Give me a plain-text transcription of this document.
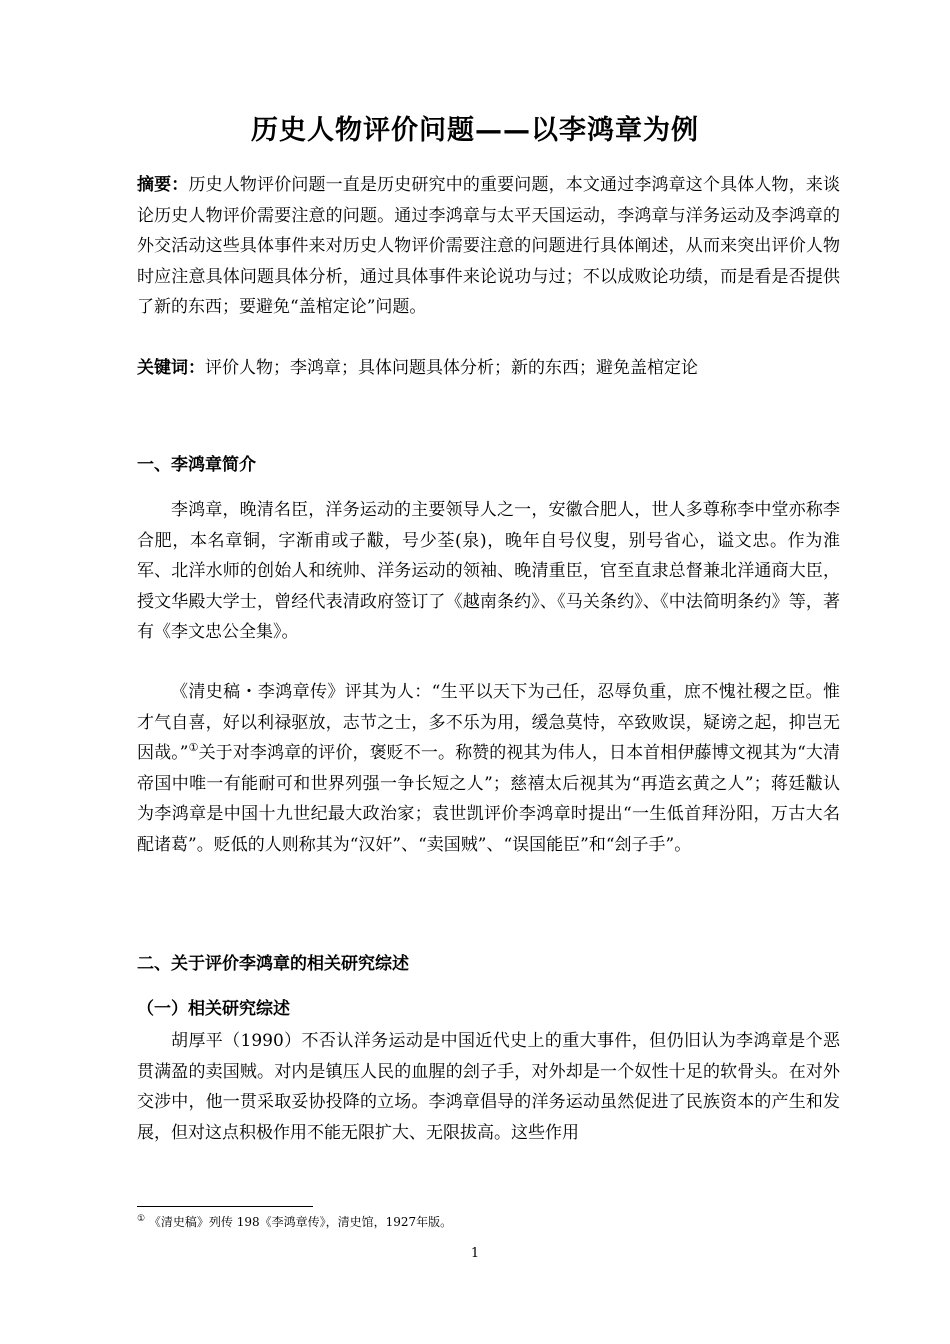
历史人物评价问题——以李鸿章为例

摘要：历史人物评价问题一直是历史研究中的重要问题，本文通过李鸿章这个具体人物，来谈论历史人物评价需要注意的问题。通过李鸿章与太平天国运动，李鸿章与洋务运动及李鸿章的外交活动这些具体事件来对历史人物评价需要注意的问题进行具体阐述，从而来突出评价人物时应注意具体问题具体分析，通过具体事件来论说功与过；不以成败论功绩，而是看是否提供了新的东西；要避免“盖棺定论”问题。

关键词：评价人物；李鸿章；具体问题具体分析；新的东西；避免盖棺定论

一、李鸿章简介

李鸿章，晚清名臣，洋务运动的主要领导人之一，安徽合肥人，世人多尊称李中堂亦称李合肥，本名章铜，字渐甫或子黻，号少荃(泉)，晚年自号仪叟，别号省心，谥文忠。作为淮军、北洋水师的创始人和统帅、洋务运动的领袖、晚清重臣，官至直隶总督兼北洋通商大臣，授文华殿大学士，曾经代表清政府签订了《越南条约》、《马关条约》、《中法简明条约》等，著有《李文忠公全集》。

《清史稿・李鸿章传》评其为人：“生平以天下为己任，忍辱负重，庶不愧社稷之臣。惟才气自喜，好以利禄驱放，志节之士，多不乐为用，缓急莫恃，卒致败误，疑谤之起，抑岂无因哉。”①关于对李鸿章的评价，褒贬不一。称赞的视其为伟人，日本首相伊藤博文视其为“大清帝国中唯一有能耐可和世界列强一争长短之人”；慈禧太后视其为“再造玄黄之人”；蒋廷黻认为李鸿章是中国十九世纪最大政治家；袁世凯评价李鸿章时提出“一生低首拜汾阳，万古大名配诸葛”。贬低的人则称其为“汉奸”、“卖国贼”、“误国能臣”和“刽子手”。

二、关于评价李鸿章的相关研究综述
（一）相关研究综述

胡厚平（1990）不否认洋务运动是中国近代史上的重大事件，但仍旧认为李鸿章是个恶贯满盈的卖国贼。对内是镇压人民的血腥的刽子手，对外却是一个奴性十足的软骨头。在对外交涉中，他一贯采取妥协投降的立场。李鸿章倡导的洋务运动虽然促进了民族资本的产生和发展，但对这点积极作用不能无限扩大、无限拔高。这些作用

① 《清史稿》列传 198《李鸿章传》，清史馆，1927年版。

1
